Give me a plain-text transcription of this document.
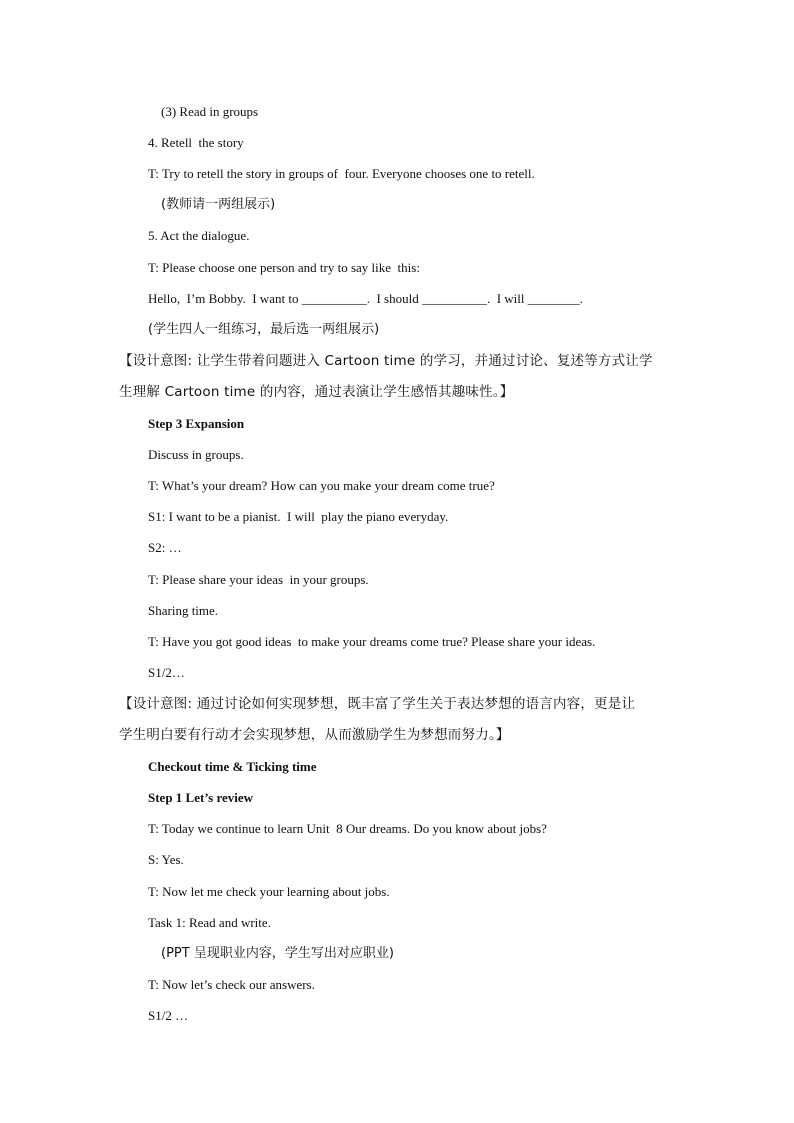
(3) Read in groups
4. Retell  the story
T: Try to retell the story in groups of  four. Everyone chooses one to retell.
(教师请一两组展示)
5. Act the dialogue.
T: Please choose one person and try to say like  this:
Hello,  I’m Bobby.  I want to __________.  I should __________.  I will ________.
(学生四人一组练习，最后选一两组展示)
【设计意图: 让学生带着问题进入 Cartoon time 的学习，并通过讨论、复述等方式让学
生理解 Cartoon time 的内容，通过表演让学生感悟其趣味性。】
Step 3 Expansion
Discuss in groups.
T: What’s your dream? How can you make your dream come true?
S1: I want to be a pianist.  I will  play the piano everyday.
S2: …
T: Please share your ideas  in your groups.
Sharing time.
T: Have you got good ideas  to make your dreams come true? Please share your ideas.
S1/2…
【设计意图: 通过讨论如何实现梦想，既丰富了学生关于表达梦想的语言内容，更是让
学生明白要有行动才会实现梦想，从而激励学生为梦想而努力。】
Checkout time & Ticking time
Step 1 Let’s review
T: Today we continue to learn Unit  8 Our dreams. Do you know about jobs?
S: Yes.
T: Now let me check your learning about jobs.
Task 1: Read and write.
(PPT 呈现职业内容，学生写出对应职业)
T: Now let’s check our answers.
S1/2 …
